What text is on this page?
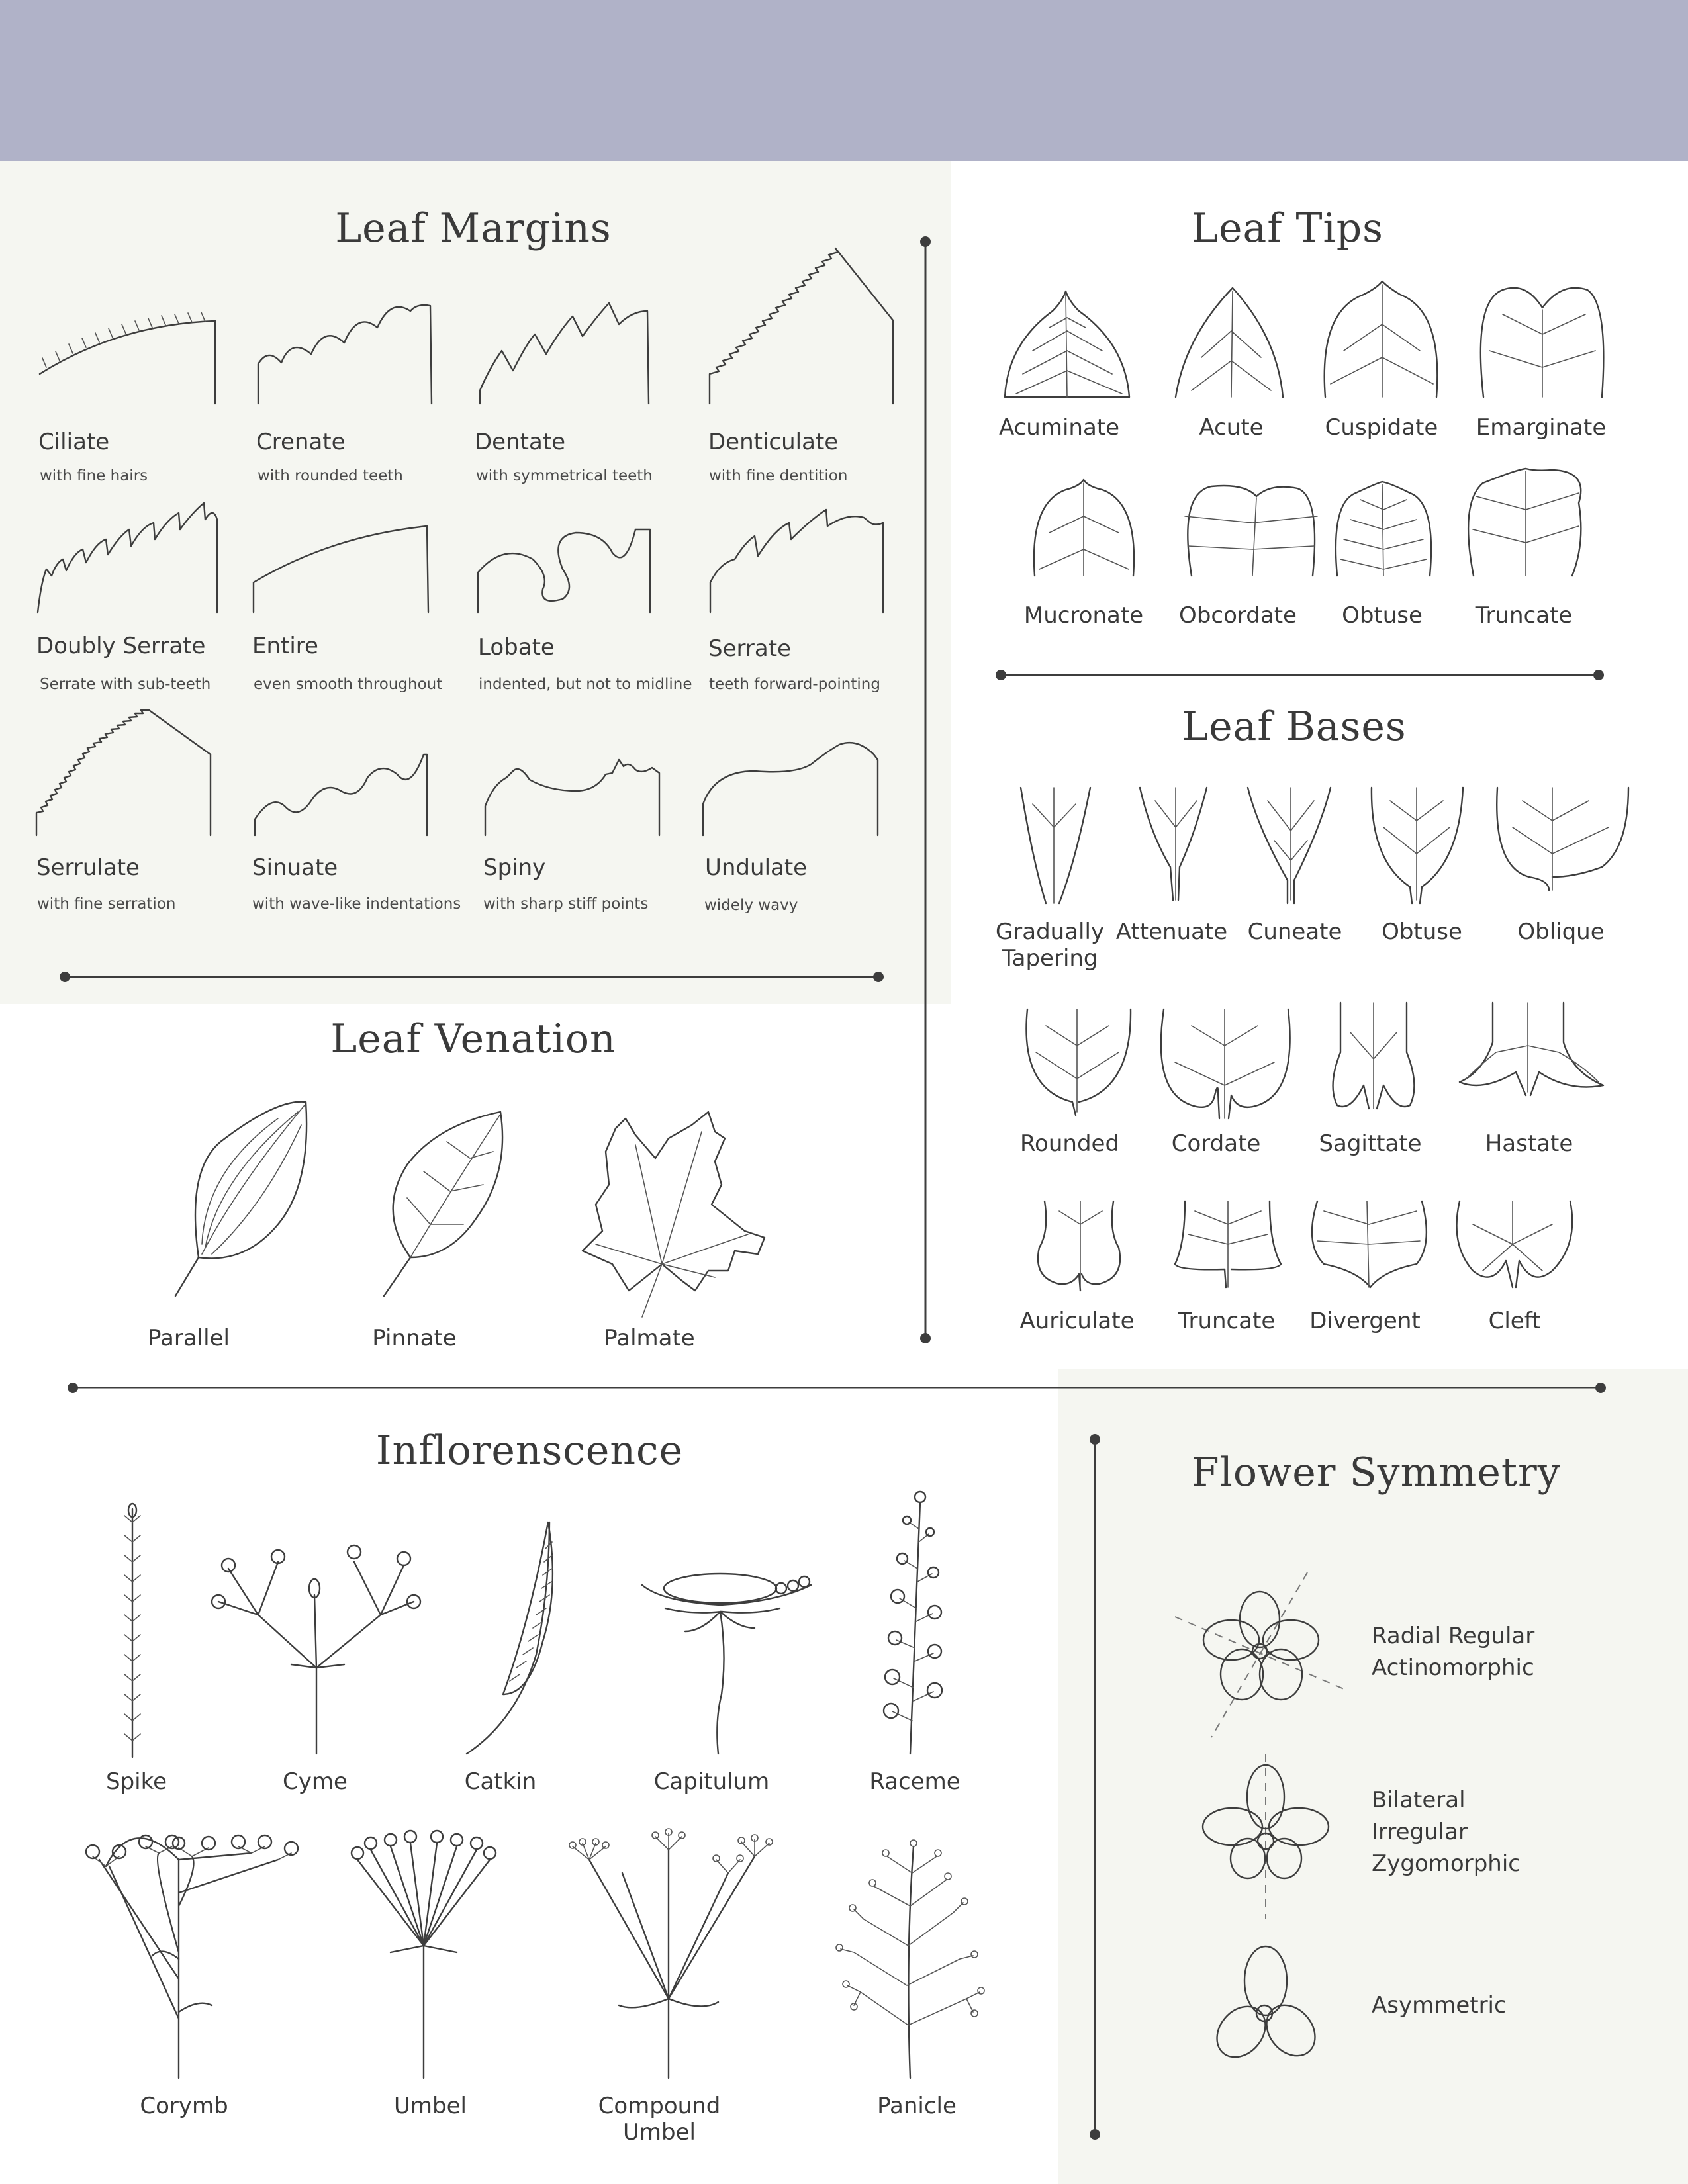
Leaf Margins	Leaf Tips
Leaf Bases
Leaf Venation
Inflorenscence	Flower Symmetry
Ciliate
with fine hairs
Crenate
with rounded teeth
Dentate
with symmetrical teeth
Denticulate
with fine dentition
Doubly Serrate
Serrate with sub-teeth
Entire
even smooth throughout
Lobate
indented, but not to midline
Serrate
teeth forward-pointing
Serrulate
with fine serration
Sinuate
with wave-like indentations
Spiny
with sharp stiff points
Undulate
widely wavy
Acuminate	Acute	Cuspidate Emarginate
Mucronate Obcordate Obtuse Truncate
Gradually Tapering
Attenuate Cuneate Obtuse Oblique
Rounded Cordate	Sagittate	Hastate
Auriculate Truncate Divergent	Cleft
Parallel	Pinnate	Palmate
Spike	Cyme	Catkin	Capitulum	Raceme
Corymb	Umbel	Compound Umbel
Panicle
Radial Regular
Actinomorphic
Bilateral
Irregular
Zygomorphic
Asymmetric
